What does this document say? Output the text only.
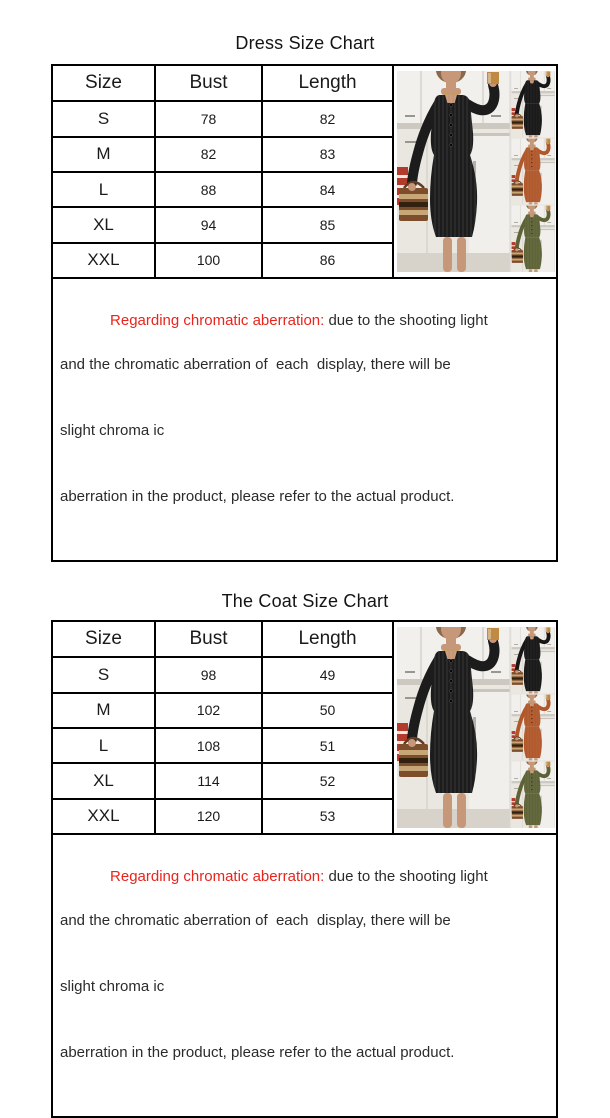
Dress Size Chart
Size	Bust	Length	
S	78	82	
M	82	83	
L	88	84	
XL	94	85	
XXL	100	86	

Regarding chromatic aberration: due to the shooting light

and the chromatic aberration of  each  display, there will be

slight chroma ic

aberration in the product, please refer to the actual product.			

The Coat Size Chart
Size	Bust	Length	
S	98	49	
M	102	50	
L	108	51	
XL	114	52	
XXL	120	53	

Regarding chromatic aberration: due to the shooting light

and the chromatic aberration of  each  display, there will be

slight chroma ic

aberration in the product, please refer to the actual product.			
